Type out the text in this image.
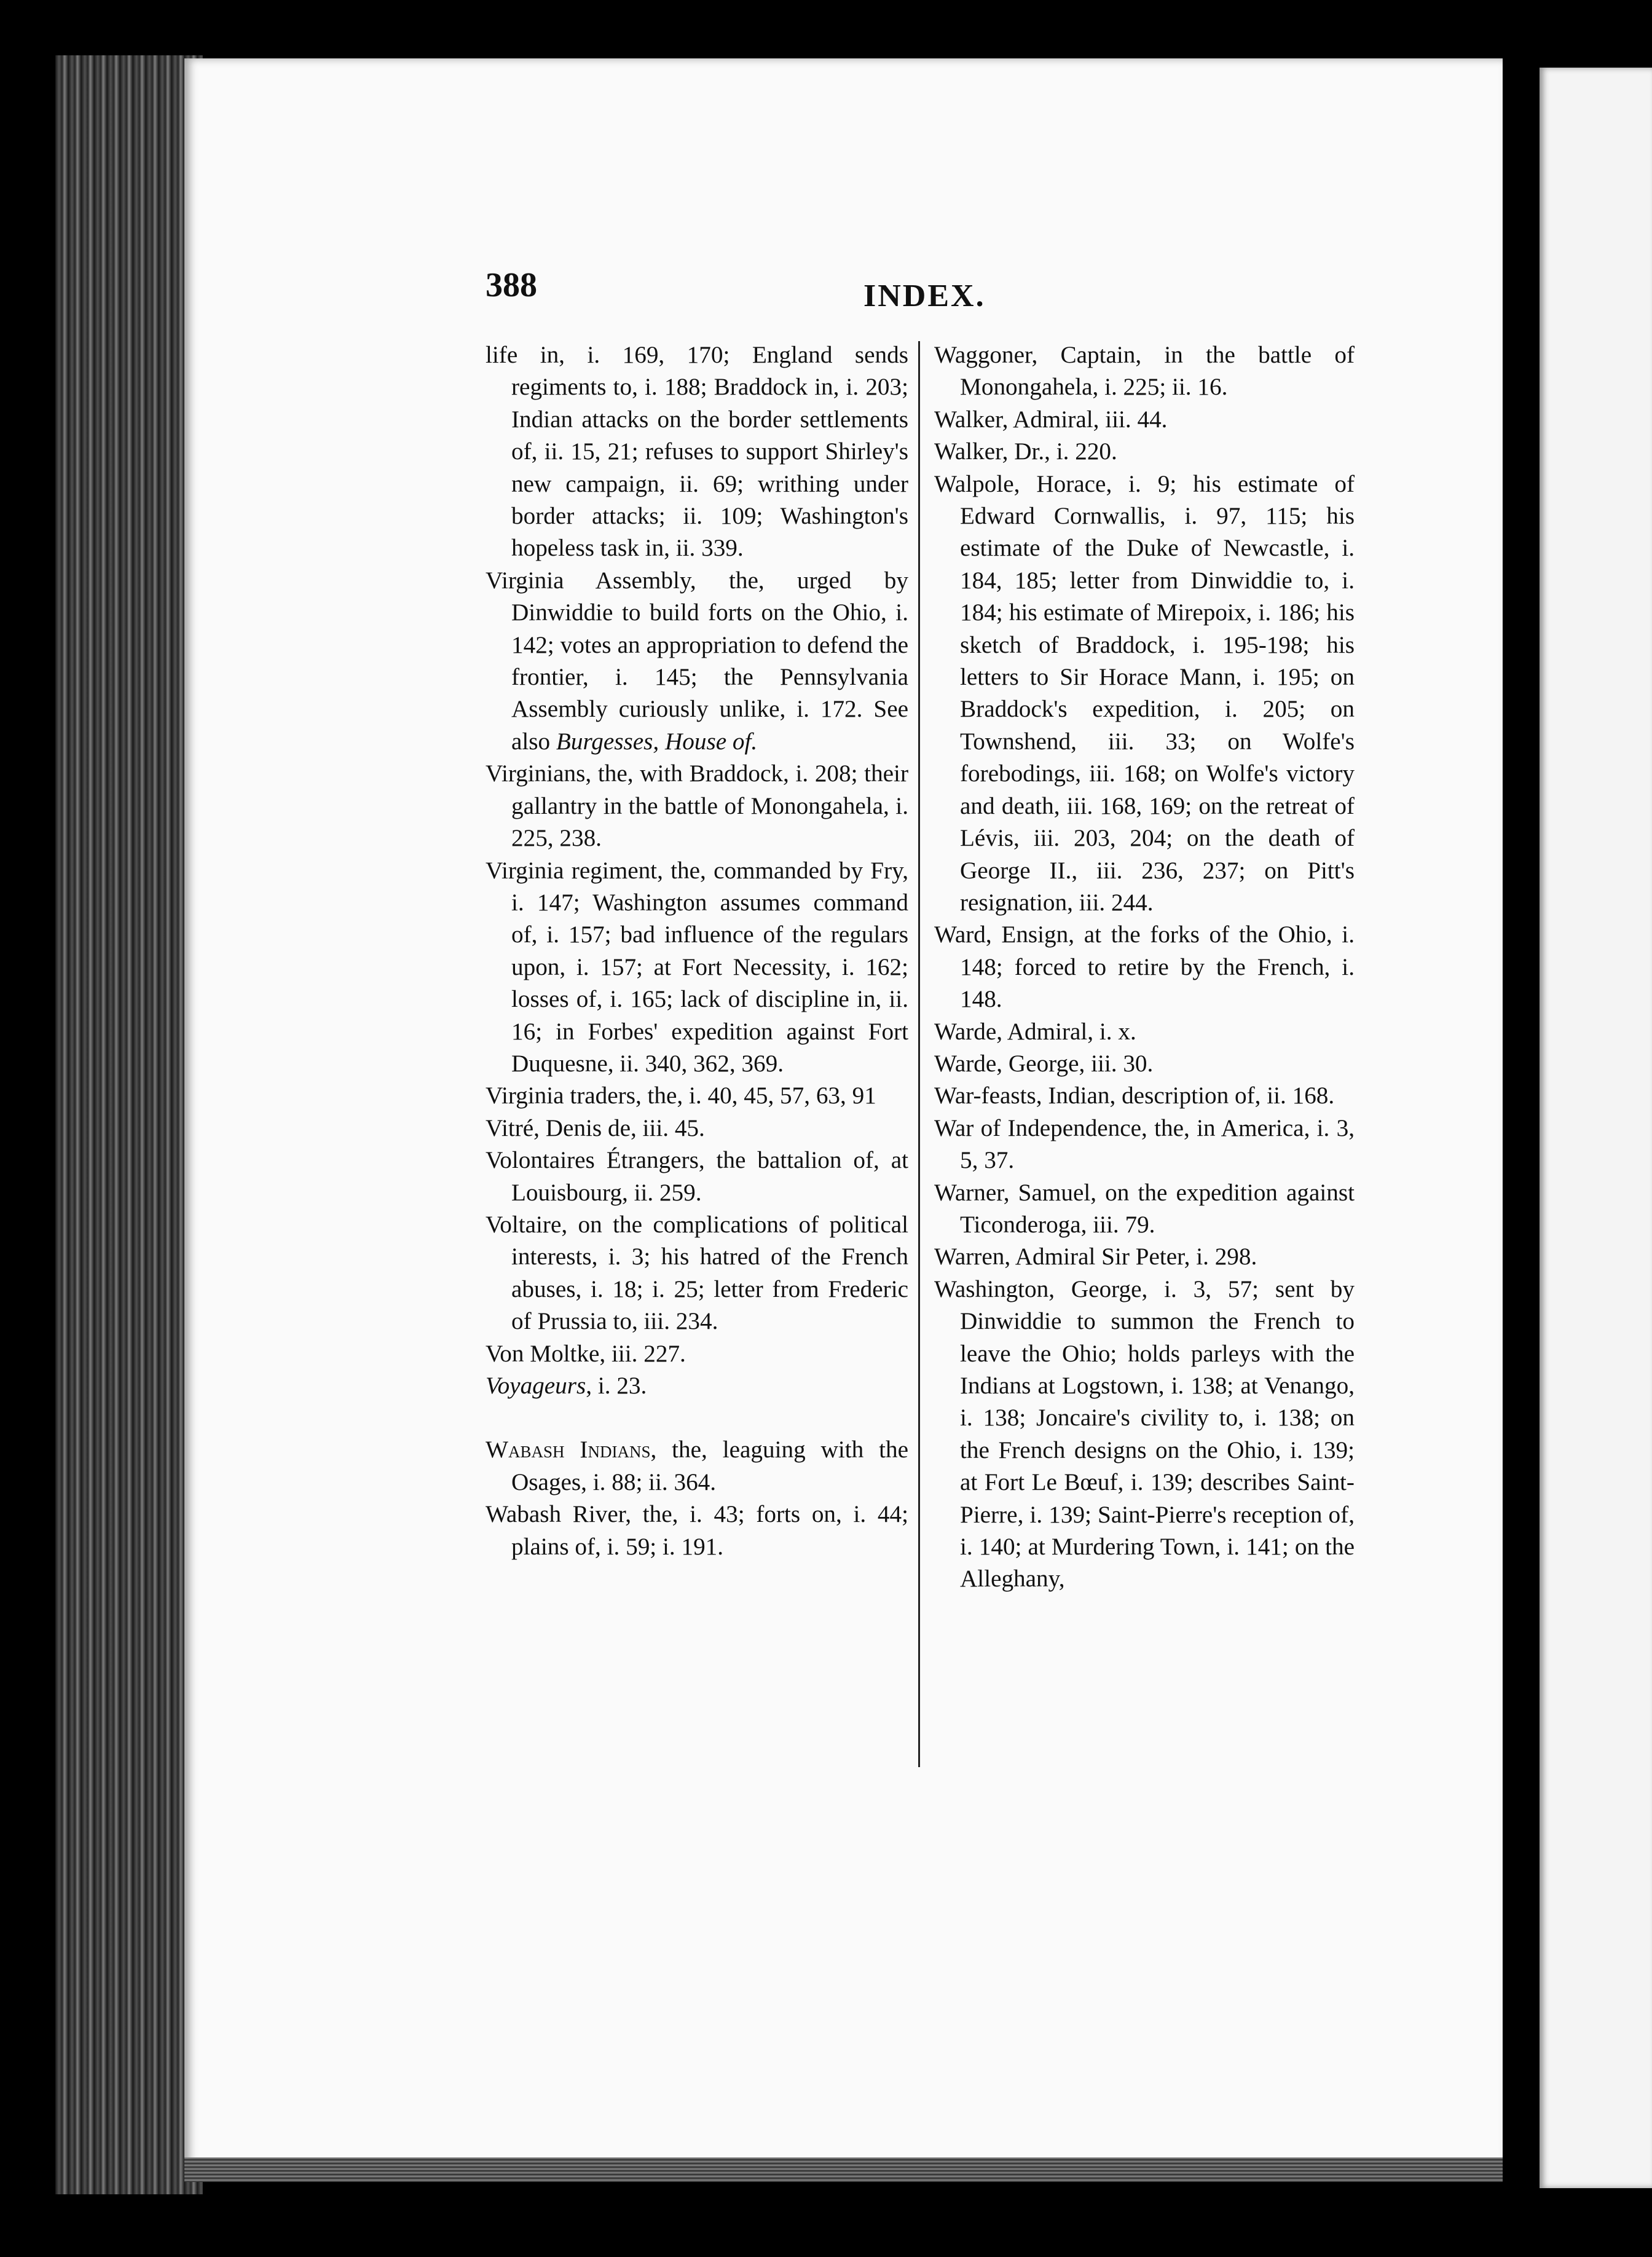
388	INDEX.
life in, i. 169, 170; England sends regiments to, i. 188; Braddock in, i. 203; Indian attacks on the border settlements of, ii. 15, 21; refuses to support Shirley's new campaign, ii. 69; writhing under border attacks; ii. 109; Washington's hopeless task in, ii. 339.
Virginia Assembly, the, urged by Dinwiddie to build forts on the Ohio, i. 142; votes an appropriation to defend the frontier, i. 145; the Pennsylvania Assembly curiously unlike, i. 172. See also Burgesses, House of.
Virginians, the, with Braddock, i. 208; their gallantry in the battle of Monongahela, i. 225, 238.
Virginia regiment, the, commanded by Fry, i. 147; Washington assumes command of, i. 157; bad influence of the regulars upon, i. 157; at Fort Necessity, i. 162; losses of, i. 165; lack of discipline in, ii. 16; in Forbes' expedition against Fort Duquesne, ii. 340, 362, 369.
Virginia traders, the, i. 40, 45, 57, 63, 91
Vitré, Denis de, iii. 45.
Volontaires Étrangers, the battalion of, at Louisbourg, ii. 259.
Voltaire, on the complications of political interests, i. 3; his hatred of the French abuses, i. 18; i. 25; letter from Frederic of Prussia to, iii. 234.
Von Moltke, iii. 227.
Voyageurs, i. 23.
Wabash Indians, the, leaguing with the Osages, i. 88; ii. 364.
Wabash River, the, i. 43; forts on, i. 44; plains of, i. 59; i. 191.
Waggoner, Captain, in the battle of Monongahela, i. 225; ii. 16.
Walker, Admiral, iii. 44.
Walker, Dr., i. 220.
Walpole, Horace, i. 9; his estimate of Edward Cornwallis, i. 97, 115; his estimate of the Duke of Newcastle, i. 184, 185; letter from Dinwiddie to, i. 184; his estimate of Mirepoix, i. 186; his sketch of Braddock, i. 195-198; his letters to Sir Horace Mann, i. 195; on Braddock's expedition, i. 205; on Townshend, iii. 33; on Wolfe's forebodings, iii. 168; on Wolfe's victory and death, iii. 168, 169; on the retreat of Lévis, iii. 203, 204; on the death of George II., iii. 236, 237; on Pitt's resignation, iii. 244.
Ward, Ensign, at the forks of the Ohio, i. 148; forced to retire by the French, i. 148.
Warde, Admiral, i. x.
Warde, George, iii. 30.
War-feasts, Indian, description of, ii. 168.
War of Independence, the, in America, i. 3, 5, 37.
Warner, Samuel, on the expedition against Ticonderoga, iii. 79.
Warren, Admiral Sir Peter, i. 298.
Washington, George, i. 3, 57; sent by Dinwiddie to summon the French to leave the Ohio; holds parleys with the Indians at Logstown, i. 138; at Venango, i. 138; Joncaire's civility to, i. 138; on the French designs on the Ohio, i. 139; at Fort Le Bœuf, i. 139; describes Saint-Pierre, i. 139; Saint-Pierre's reception of, i. 140; at Murdering Town, i. 141; on the Alleghany,
